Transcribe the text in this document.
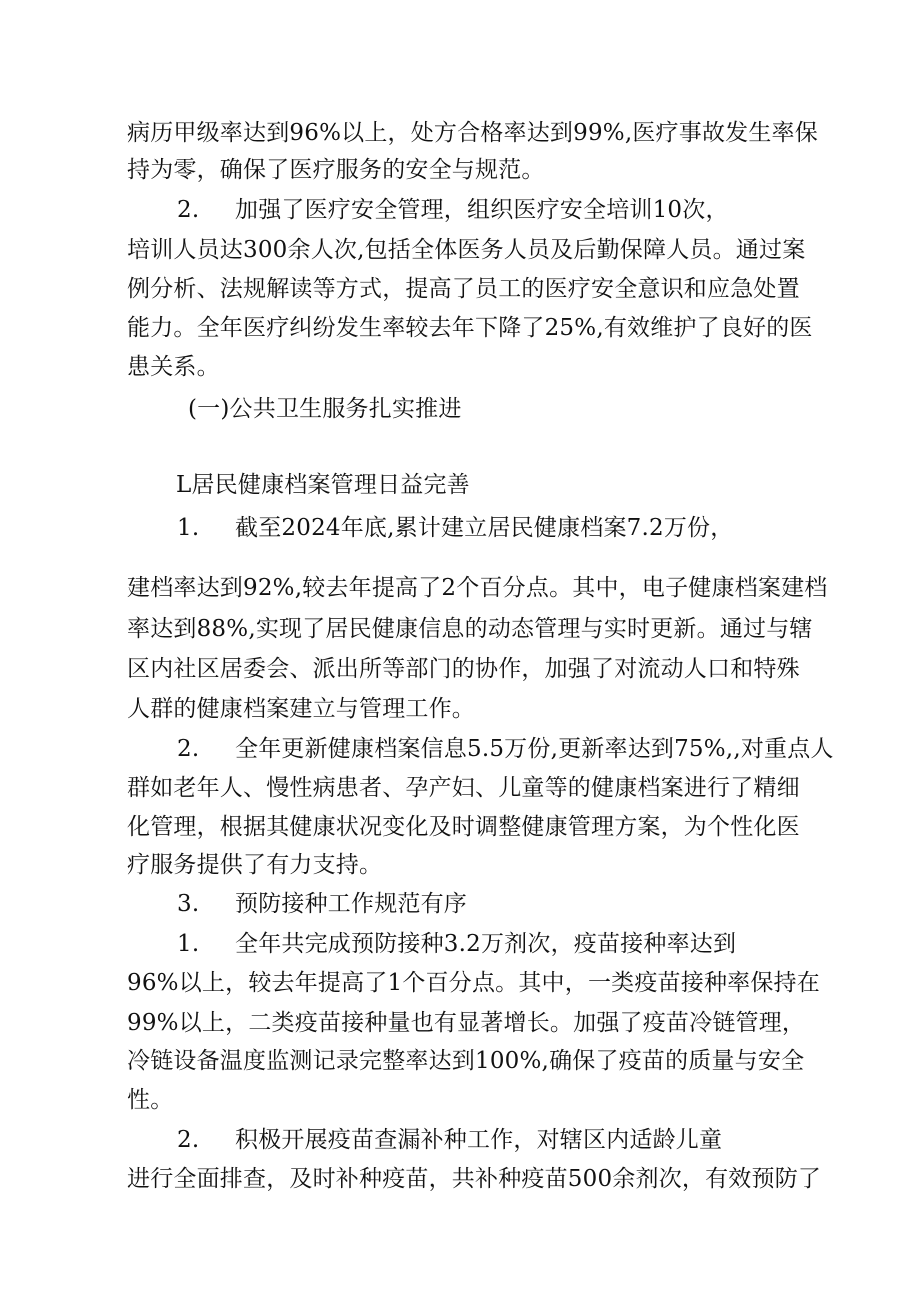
病历甲级率达到96%以上，处方合格率达到99%,医疗事故发生率保
持为零，确保了医疗服务的安全与规范。
2. 加强了医疗安全管理，组织医疗安全培训10次，
培训人员达300余人次,包括全体医务人员及后勤保障人员。通过案
例分析、法规解读等方式，提高了员工的医疗安全意识和应急处置
能力。全年医疗纠纷发生率较去年下降了25%,有效维护了良好的医
患关系。
(一)公共卫生服务扎实推进
L居民健康档案管理日益完善
1. 截至2024年底,累计建立居民健康档案7.2万份，
建档率达到92%,较去年提高了2个百分点。其中，电子健康档案建档
率达到88%,实现了居民健康信息的动态管理与实时更新。通过与辖
区内社区居委会、派出所等部门的协作，加强了对流动人口和特殊
人群的健康档案建立与管理工作。
2. 全年更新健康档案信息5.5万份,更新率达到75%,,对重点人
群如老年人、慢性病患者、孕产妇、儿童等的健康档案进行了精细
化管理，根据其健康状况变化及时调整健康管理方案，为个性化医
疗服务提供了有力支持。
3. 预防接种工作规范有序
1. 全年共完成预防接种3.2万剂次，疫苗接种率达到
96%以上，较去年提高了1个百分点。其中，一类疫苗接种率保持在
99%以上，二类疫苗接种量也有显著增长。加强了疫苗冷链管理，
冷链设备温度监测记录完整率达到100%,确保了疫苗的质量与安全
性。
2. 积极开展疫苗查漏补种工作，对辖区内适龄儿童
进行全面排查，及时补种疫苗，共补种疫苗500余剂次，有效预防了
